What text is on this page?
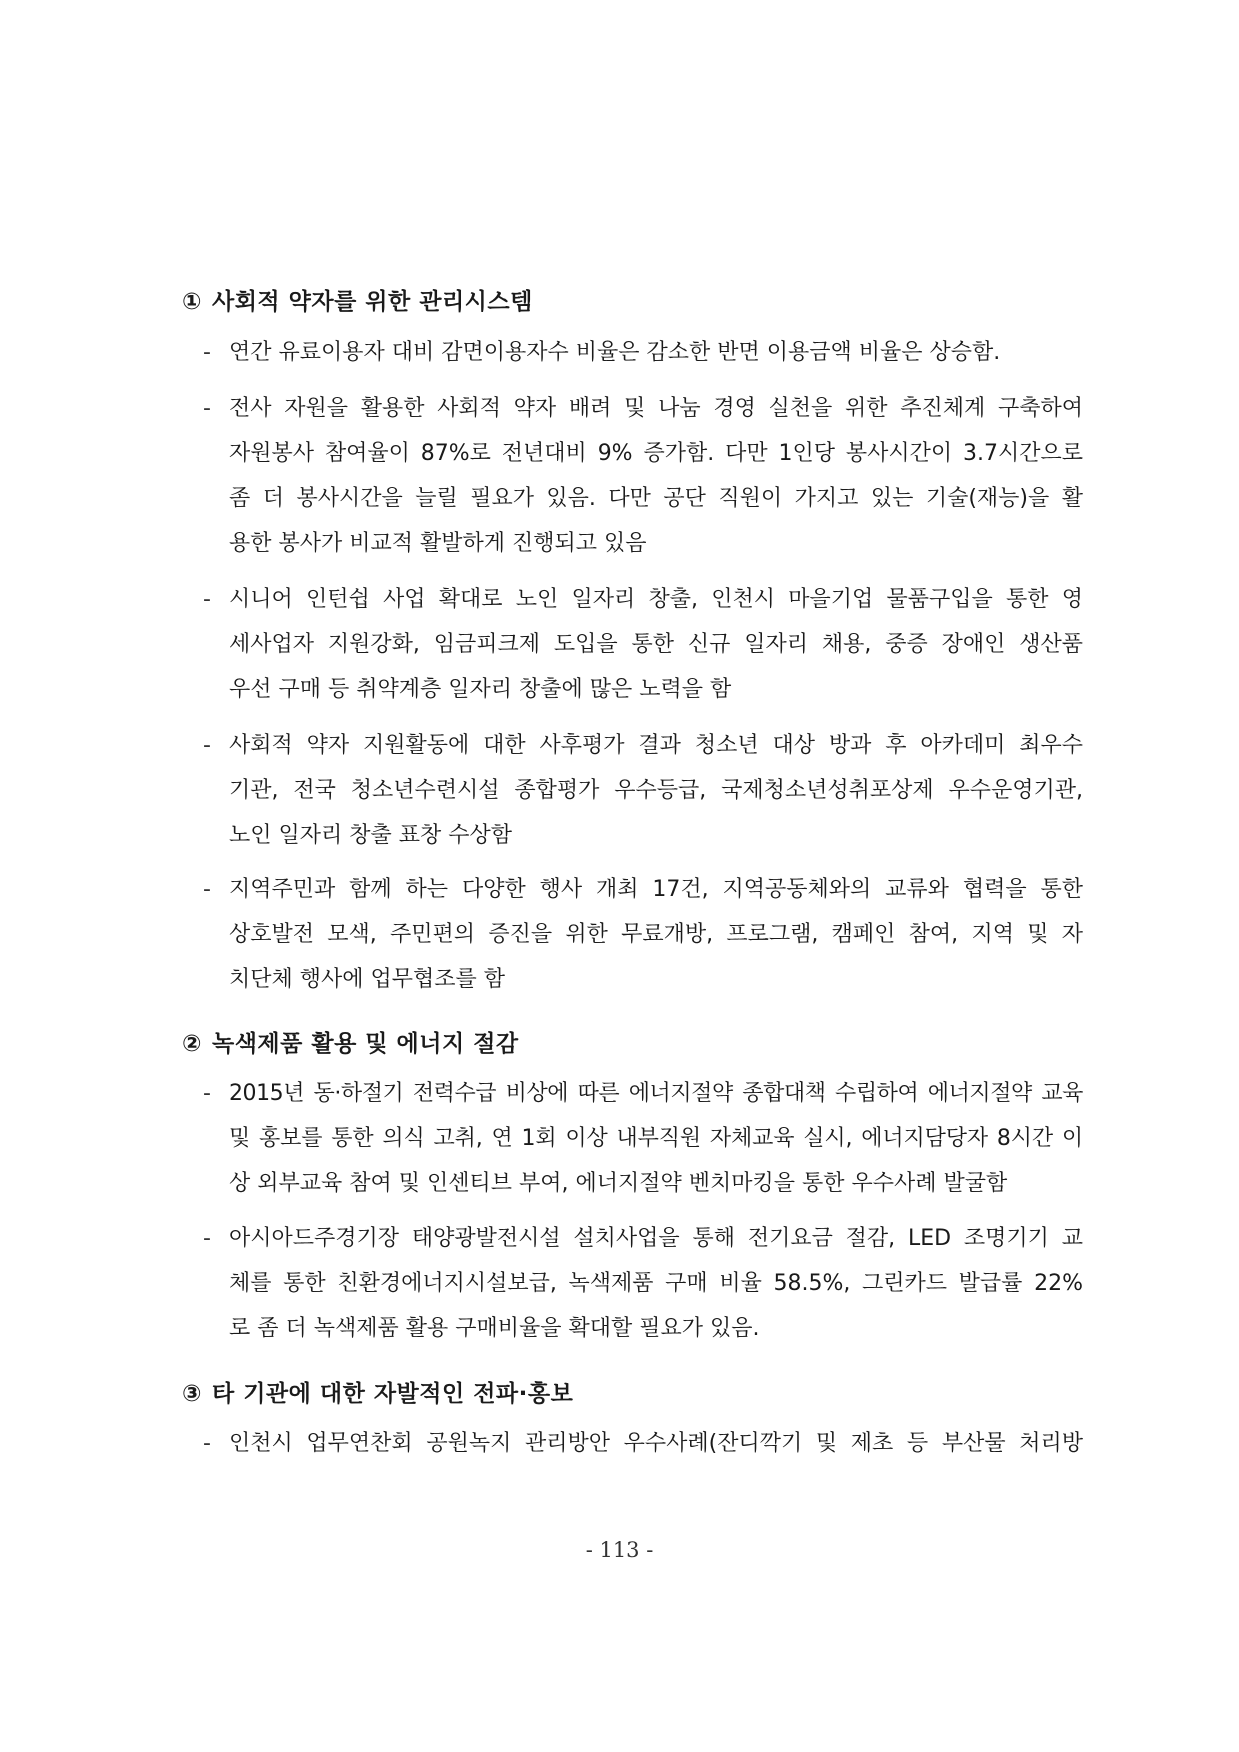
① 사회적 약자를 위한 관리시스템
- 연간 유료이용자 대비 감면이용자수 비율은 감소한 반면 이용금액 비율은 상승함.
- 전사 자원을 활용한 사회적 약자 배려 및 나눔 경영 실천을 위한 추진체계 구축하여
자원봉사 참여율이 87%로 전년대비 9% 증가함. 다만 1인당 봉사시간이 3.7시간으로
좀 더 봉사시간을 늘릴 필요가 있음. 다만 공단 직원이 가지고 있는 기술(재능)을 활
용한 봉사가 비교적 활발하게 진행되고 있음
- 시니어 인턴쉽 사업 확대로 노인 일자리 창출, 인천시 마을기업 물품구입을 통한 영
세사업자 지원강화, 임금피크제 도입을 통한 신규 일자리 채용, 중증 장애인 생산품
우선 구매 등 취약계층 일자리 창출에 많은 노력을 함
- 사회적 약자 지원활동에 대한 사후평가 결과 청소년 대상 방과 후 아카데미 최우수
기관, 전국 청소년수련시설 종합평가 우수등급, 국제청소년성취포상제 우수운영기관,
노인 일자리 창출 표창 수상함
- 지역주민과 함께 하는 다양한 행사 개최 17건, 지역공동체와의 교류와 협력을 통한
상호발전 모색, 주민편의 증진을 위한 무료개방, 프로그램, 캠페인 참여, 지역 및 자
치단체 행사에 업무협조를 함
② 녹색제품 활용 및 에너지 절감
- 2015년 동·하절기 전력수급 비상에 따른 에너지절약 종합대책 수립하여 에너지절약 교육
및 홍보를 통한 의식 고취, 연 1회 이상 내부직원 자체교육 실시, 에너지담당자 8시간 이
상 외부교육 참여 및 인센티브 부여, 에너지절약 벤치마킹을 통한 우수사례 발굴함
- 아시아드주경기장 태양광발전시설 설치사업을 통해 전기요금 절감, LED 조명기기 교
체를 통한 친환경에너지시설보급, 녹색제품 구매 비율 58.5%, 그린카드 발급률 22%
로 좀 더 녹색제품 활용 구매비율을 확대할 필요가 있음.
③ 타 기관에 대한 자발적인 전파·홍보
- 인천시 업무연찬회 공원녹지 관리방안 우수사례(잔디깍기 및 제초 등 부산물 처리방
- 113 -
